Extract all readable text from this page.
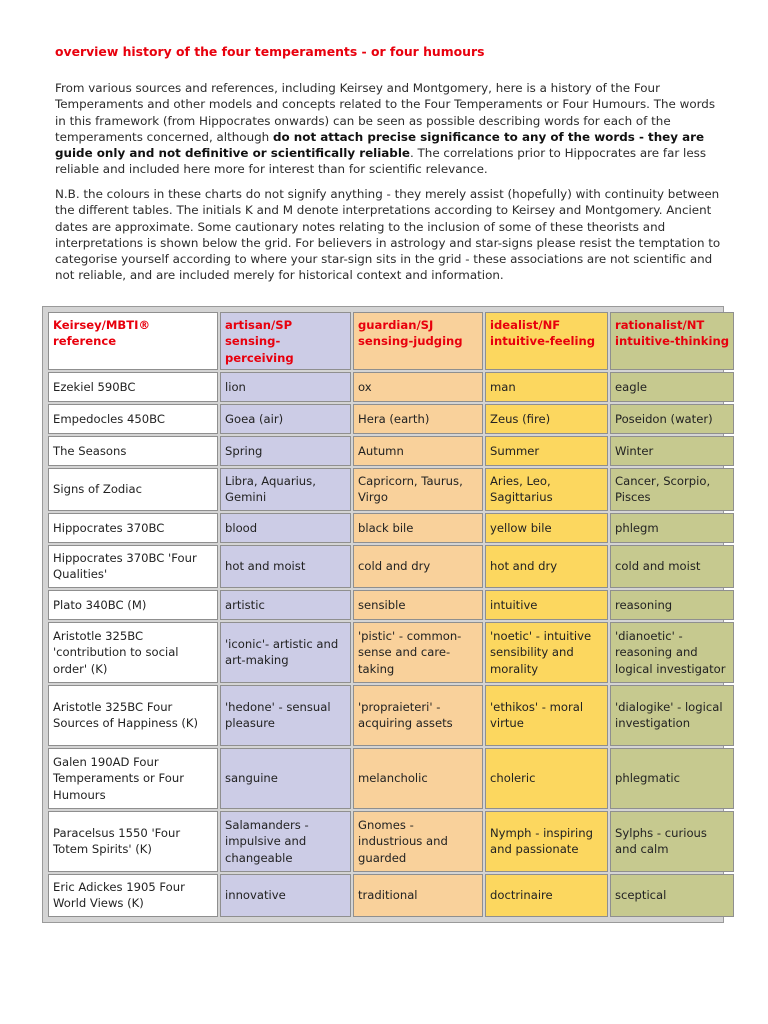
overview history of the four temperaments - or four humours
From various sources and references, including Keirsey and Montgomery, here is a history of the Four Temperaments and other models and concepts related to the Four Temperaments or Four Humours. The words in this framework (from Hippocrates onwards) can be seen as possible describing words for each of the temperaments concerned, although do not attach precise significance to any of the words - they are guide only and not definitive or scientifically reliable. The correlations prior to Hippocrates are far less reliable and included here more for interest than for scientific relevance.
N.B. the colours in these charts do not signify anything - they merely assist (hopefully) with continuity between the different tables. The initials K and M denote interpretations according to Keirsey and Montgomery. Ancient dates are approximate. Some cautionary notes relating to the inclusion of some of these theorists and interpretations is shown below the grid. For believers in astrology and star-signs please resist the temptation to categorise yourself according to where your star-sign sits in the grid - these associations are not scientific and not reliable, and are included merely for historical context and information.
Keirsey/MBTI® reference	artisan/SP sensing-perceiving	guardian/SJ sensing-judging	idealist/NF intuitive-feeling	rationalist/NT intuitive-thinking
Ezekiel 590BC	lion	ox	man	eagle
Empedocles 450BC	Goea (air)	Hera (earth)	Zeus (fire)	Poseidon (water)
The Seasons	Spring	Autumn	Summer	Winter
Signs of Zodiac	Libra, Aquarius, Gemini	Capricorn, Taurus, Virgo	Aries, Leo, Sagittarius	Cancer, Scorpio, Pisces
Hippocrates 370BC	blood	black bile	yellow bile	phlegm
Hippocrates 370BC 'Four Qualities'	hot and moist	cold and dry	hot and dry	cold and moist
Plato 340BC (M)	artistic	sensible	intuitive	reasoning
Aristotle 325BC 'contribution to social order' (K)	'iconic'- artistic and art-making	'pistic' - common-sense and care-taking	'noetic' - intuitive sensibility and morality	'dianoetic' - reasoning and logical investigator
Aristotle 325BC Four Sources of Happiness (K)	'hedone' - sensual pleasure	'propraieteri' - acquiring assets	'ethikos' - moral virtue	'dialogike' - logical investigation
Galen 190AD Four Temperaments or Four Humours	sanguine	melancholic	choleric	phlegmatic
Paracelsus 1550 'Four Totem Spirits' (K)	Salamanders - impulsive and changeable	Gnomes - industrious and guarded	Nymph - inspiring and passionate	Sylphs - curious and calm
Eric Adickes 1905 Four World Views (K)	innovative	traditional	doctrinaire	sceptical
